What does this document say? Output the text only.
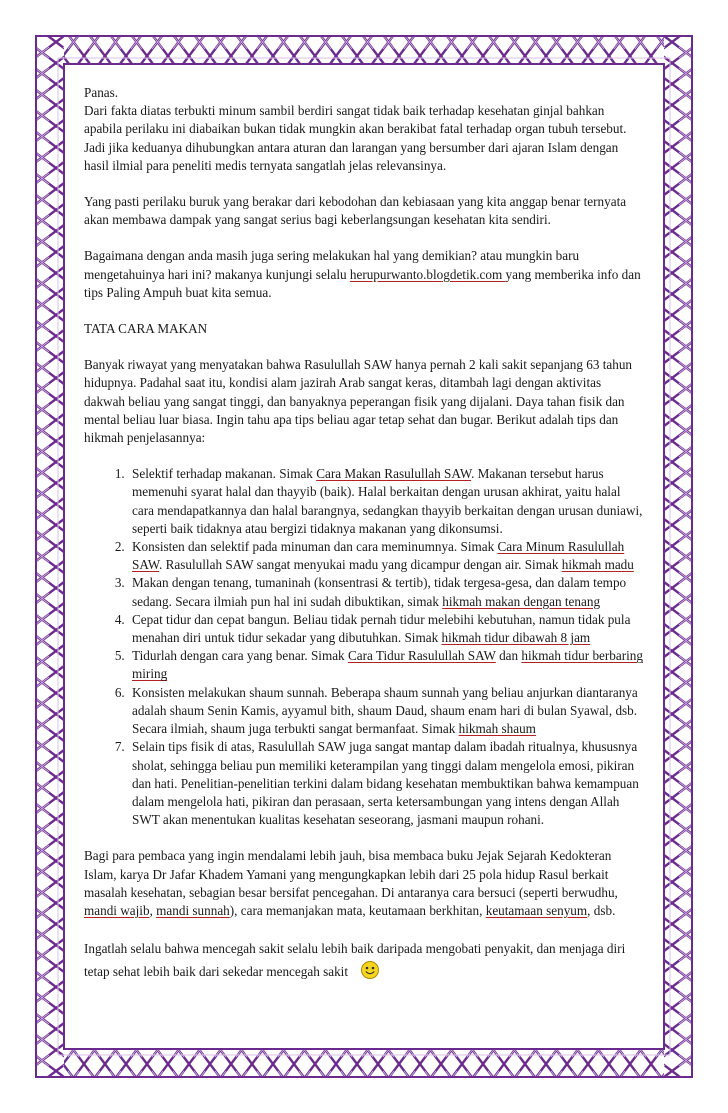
Panas.

Dari fakta diatas terbukti minum sambil berdiri sangat tidak baik terhadap kesehatan ginjal bahkan apabila perilaku ini diabaikan bukan tidak mungkin akan berakibat fatal terhadap organ tubuh tersebut.

Jadi jika keduanya dihubungkan antara aturan dan larangan yang bersumber dari ajaran Islam dengan hasil ilmial para peneliti medis ternyata sangatlah jelas relevansinya.

Yang pasti perilaku buruk yang berakar dari kebodohan dan kebiasaan yang kita anggap benar ternyata akan membawa dampak yang sangat serius bagi keberlangsungan kesehatan kita sendiri.

Bagaimana dengan anda masih juga sering melakukan hal yang demikian? atau mungkin baru mengetahuinya hari ini? makanya kunjungi selalu herupurwanto.blogdetik.com yang memberika info dan tips Paling Ampuh buat kita semua.

TATA CARA MAKAN

Banyak riwayat yang menyatakan bahwa Rasulullah SAW hanya pernah 2 kali sakit sepanjang 63 tahun hidupnya. Padahal saat itu, kondisi alam jazirah Arab sangat keras, ditambah lagi dengan aktivitas dakwah beliau yang sangat tinggi, dan banyaknya peperangan fisik yang dijalani. Daya tahan fisik dan mental beliau luar biasa. Ingin tahu apa tips beliau agar tetap sehat dan bugar. Berikut adalah tips dan hikmah penjelasannya:

1. Selektif terhadap makanan. Simak Cara Makan Rasulullah SAW. Makanan tersebut harus memenuhi syarat halal dan thayyib (baik). Halal berkaitan dengan urusan akhirat, yaitu halal cara mendapatkannya dan halal barangnya, sedangkan thayyib berkaitan dengan urusan duniawi, seperti baik tidaknya atau bergizi tidaknya makanan yang dikonsumsi.
2. Konsisten dan selektif pada minuman dan cara meminumnya. Simak Cara Minum Rasulullah SAW. Rasulullah SAW sangat menyukai madu yang dicampur dengan air. Simak hikmah madu
3. Makan dengan tenang, tumaninah (konsentrasi & tertib), tidak tergesa-gesa, dan dalam tempo sedang. Secara ilmiah pun hal ini sudah dibuktikan, simak hikmah makan dengan tenang
4. Cepat tidur dan cepat bangun. Beliau tidak pernah tidur melebihi kebutuhan, namun tidak pula menahan diri untuk tidur sekadar yang dibutuhkan. Simak hikmah tidur dibawah 8 jam
5. Tidurlah dengan cara yang benar. Simak Cara Tidur Rasulullah SAW dan hikmah tidur berbaring miring
6. Konsisten melakukan shaum sunnah. Beberapa shaum sunnah yang beliau anjurkan diantaranya adalah shaum Senin Kamis, ayyamul bith, shaum Daud, shaum enam hari di bulan Syawal, dsb. Secara ilmiah, shaum juga terbukti sangat bermanfaat. Simak hikmah shaum
7. Selain tips fisik di atas, Rasulullah SAW juga sangat mantap dalam ibadah ritualnya, khususnya sholat, sehingga beliau pun memiliki keterampilan yang tinggi dalam mengelola emosi, pikiran dan hati. Penelitian-penelitian terkini dalam bidang kesehatan membuktikan bahwa kemampuan dalam mengelola hati, pikiran dan perasaan, serta ketersambungan yang intens dengan Allah SWT akan menentukan kualitas kesehatan seseorang, jasmani maupun rohani.

Bagi para pembaca yang ingin mendalami lebih jauh, bisa membaca buku Jejak Sejarah Kedokteran Islam, karya Dr Jafar Khadem Yamani yang mengungkapkan lebih dari 25 pola hidup Rasul berkait masalah kesehatan, sebagian besar bersifat pencegahan. Di antaranya cara bersuci (seperti berwudhu, mandi wajib, mandi sunnah), cara memanjakan mata, keutamaan berkhitan, keutamaan senyum, dsb.

Ingatlah selalu bahwa mencegah sakit selalu lebih baik daripada mengobati penyakit, dan menjaga diri tetap sehat lebih baik dari sekedar mencegah sakit
